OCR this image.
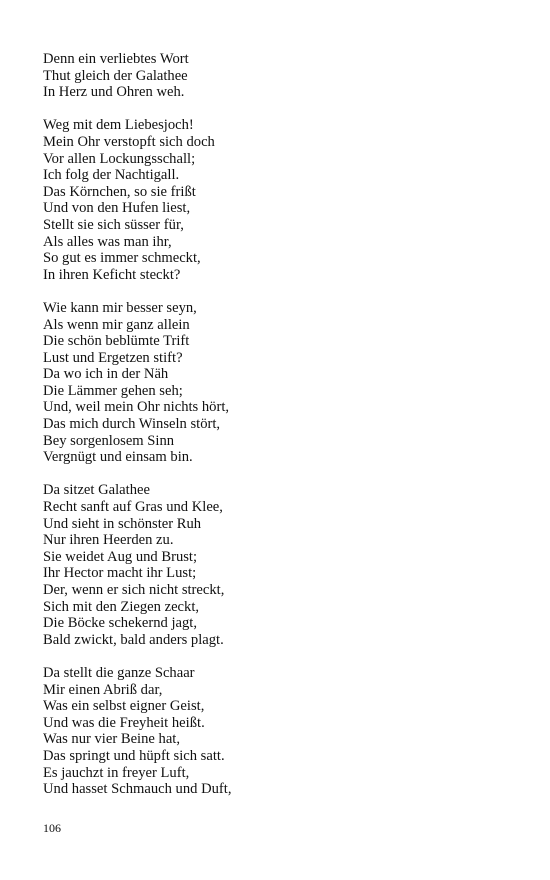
Denn ein verliebtes Wort
Thut gleich der Galathee
In Herz und Ohren weh.
Weg mit dem Liebesjoch!
Mein Ohr verstopft sich doch
Vor allen Lockungsschall;
Ich folg der Nachtigall.
Das Körnchen, so sie frißt
Und von den Hufen liest,
Stellt sie sich süsser für,
Als alles was man ihr,
So gut es immer schmeckt,
In ihren Keficht steckt?
Wie kann mir besser seyn,
Als wenn mir ganz allein
Die schön beblümte Trift
Lust und Ergetzen stift?
Da wo ich in der Näh
Die Lämmer gehen seh;
Und, weil mein Ohr nichts hört,
Das mich durch Winseln stört,
Bey sorgenlosem Sinn
Vergnügt und einsam bin.
Da sitzet Galathee
Recht sanft auf Gras und Klee,
Und sieht in schönster Ruh
Nur ihren Heerden zu.
Sie weidet Aug und Brust;
Ihr Hector macht ihr Lust;
Der, wenn er sich nicht streckt,
Sich mit den Ziegen zeckt,
Die Böcke schekernd jagt,
Bald zwickt, bald anders plagt.
Da stellt die ganze Schaar
Mir einen Abriß dar,
Was ein selbst eigner Geist,
Und was die Freyheit heißt.
Was nur vier Beine hat,
Das springt und hüpft sich satt.
Es jauchzt in freyer Luft,
Und hasset Schmauch und Duft,
106
